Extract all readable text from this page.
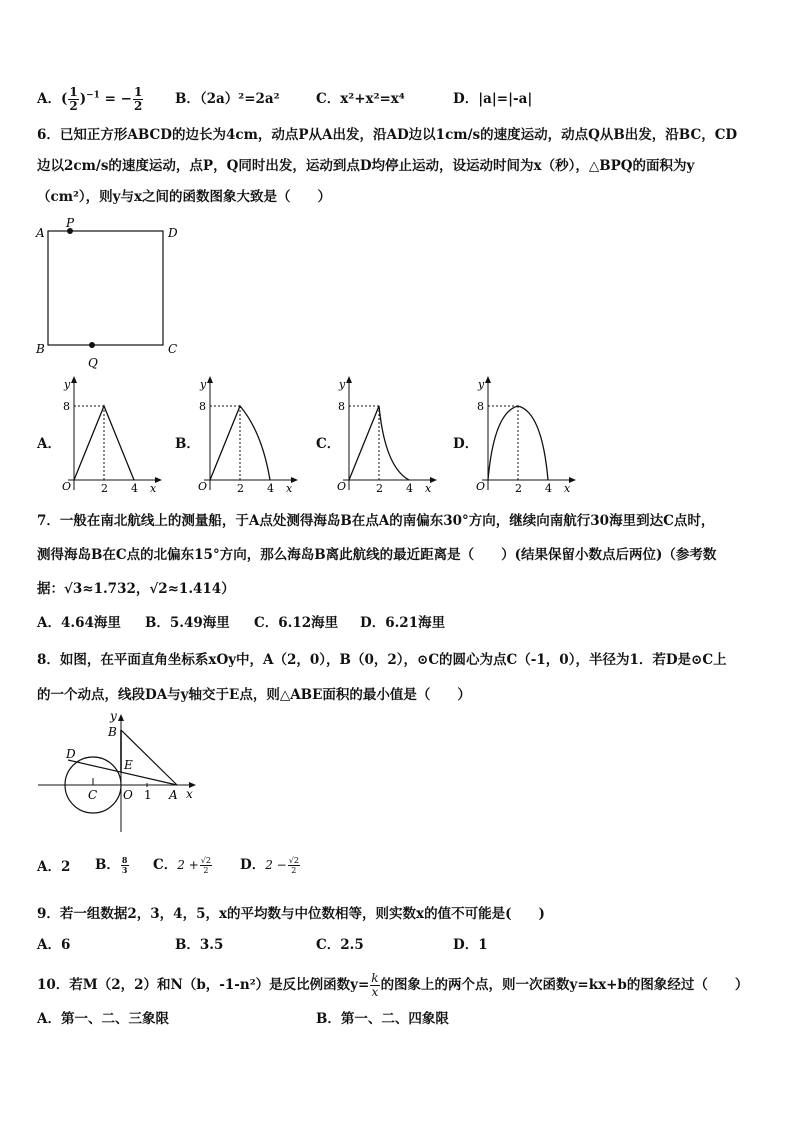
A．( $\frac{1}{2} )^{-1}$ = − $\frac{1}{2}$ B．（2a）²=2a²	C．x²+x²=x⁴	D．|a|=|-a|
6．已知正方形ABCD的边长为4cm，动点P从A出发，沿AD边以1cm/s的速度运动，动点Q从B出发，沿BC，CD
边以2cm/s的速度运动，点P，Q同时出发，运动到点D均停止运动，设运动时间为x（秒），△BPQ的面积为y
（cm²），则y与x之间的函数图象大致是（　　）
A
P
D
B	C
Q
A．	B．	C．	D．
y
8
O	2 4 x
y
8
O	2 4 x
y
8
O	2 4 x
y
8
O	2 4 x
7．一般在南北航线上的测量船，于A点处测得海岛B在点A的南偏东30°方向，继续向南航行30海里到达C点时，
测得海岛B在C点的北偏东15°方向，那么海岛B离此航线的最近距离是（　　）(结果保留小数点后两位)（参考数
据：√3≈1.732，√2≈1.414）
A．4.64海里 B．5.49海里 C．6.12海里 D．6.21海里
8．如图，在平面直角坐标系xOy中，A（2，0），B（0，2），⊙C的圆心为点C（-1，0），半径为1．若D是⊙C上
的一个动点，线段DA与y轴交于E点，则△ABE面积的最小值是（　　）
y
B
D
E
C O 1 A x
A．2 B． $\frac{8}{3}$ C．$2 + \frac{√2}{2}$ D．$2 - \frac{√2}{2}$
9．若一组数据2，3，4，5，x的平均数与中位数相等，则实数x的值不可能是(　　)
A．6	B．3.5	C．2.5	D．1
10．若M（2，2）和N（b，-1-n²）是反比例函数$y= \frac{k}{x}$ 的图象上的两个点，则一次函数y=kx+b的图象经过（　　）
A．第一、二、三象限	B．第一、二、四象限
